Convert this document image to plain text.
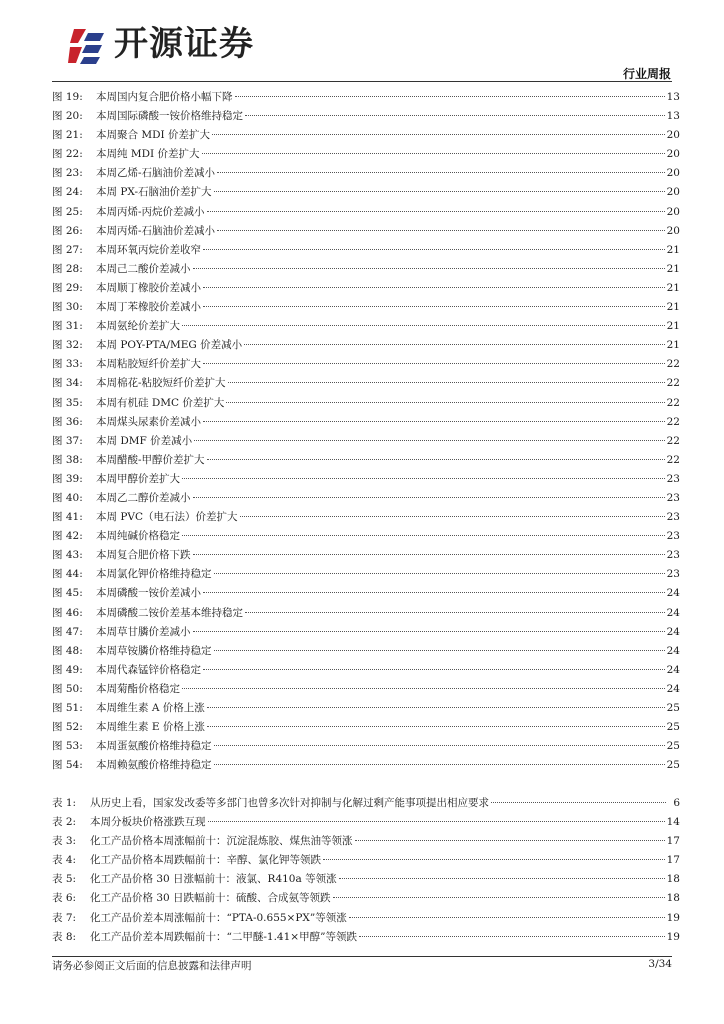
开源证券
行业周报
图 19:	本周国内复合肥价格小幅下降	13
图 20:	本周国际磷酸一铵价格维持稳定	13
图 21:	本周聚合 MDI 价差扩大	20
图 22:	本周纯 MDI 价差扩大	20
图 23:	本周乙烯-石脑油价差减小	20
图 24:	本周 PX-石脑油价差扩大	20
图 25:	本周丙烯-丙烷价差减小	20
图 26:	本周丙烯-石脑油价差减小	20
图 27:	本周环氧丙烷价差收窄	21
图 28:	本周己二酸价差减小	21
图 29:	本周顺丁橡胶价差减小	21
图 30:	本周丁苯橡胶价差减小	21
图 31:	本周氨纶价差扩大	21
图 32:	本周 POY-PTA/MEG 价差减小	21
图 33:	本周粘胶短纤价差扩大	22
图 34:	本周棉花-粘胶短纤价差扩大	22
图 35:	本周有机硅 DMC 价差扩大	22
图 36:	本周煤头尿素价差减小	22
图 37:	本周 DMF 价差减小	22
图 38:	本周醋酸-甲醇价差扩大	22
图 39:	本周甲醇价差扩大	23
图 40:	本周乙二醇价差减小	23
图 41:	本周 PVC（电石法）价差扩大	23
图 42:	本周纯碱价格稳定	23
图 43:	本周复合肥价格下跌	23
图 44:	本周氯化钾价格维持稳定	23
图 45:	本周磷酸一铵价差减小	24
图 46:	本周磷酸二铵价差基本维持稳定	24
图 47:	本周草甘膦价差减小	24
图 48:	本周草铵膦价格维持稳定	24
图 49:	本周代森锰锌价格稳定	24
图 50:	本周菊酯价格稳定	24
图 51:	本周维生素 A 价格上涨	25
图 52:	本周维生素 E 价格上涨	25
图 53:	本周蛋氨酸价格维持稳定	25
图 54:	本周赖氨酸价格维持稳定	25
表 1:	从历史上看，国家发改委等多部门也曾多次针对抑制与化解过剩产能事项提出相应要求	6
表 2:	本周分板块价格涨跌互现	14
表 3:	化工产品价格本周涨幅前十：沉淀混炼胶、煤焦油等领涨	17
表 4:	化工产品价格本周跌幅前十：辛醇、氯化钾等领跌	17
表 5:	化工产品价格 30 日涨幅前十：液氯、R410a 等领涨	18
表 6:	化工产品价格 30 日跌幅前十：硫酸、合成氨等领跌	18
表 7:	化工产品价差本周涨幅前十：“PTA-0.655×PX”等领涨	19
表 8:	化工产品价差本周跌幅前十：“二甲醚-1.41×甲醇”等领跌	19
请务必参阅正文后面的信息披露和法律声明	3/34
